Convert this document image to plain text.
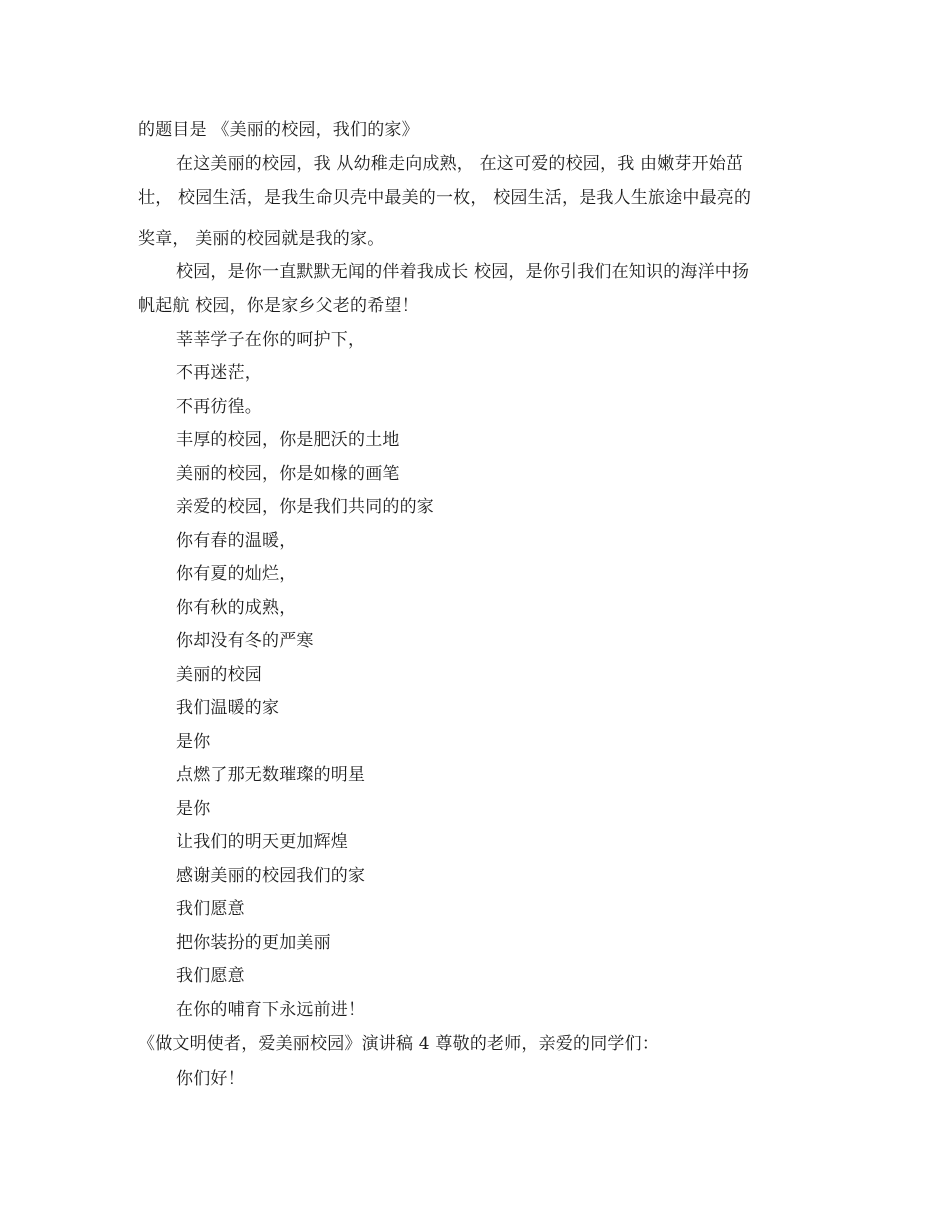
的题目是 《美丽的校园，我们的家》
在这美丽的校园，我 从幼稚走向成熟， 在这可爱的校园，我 由嫩芽开始茁
壮， 校园生活，是我生命贝壳中最美的一枚， 校园生活，是我人生旅途中最亮的
奖章， 美丽的校园就是我的家。
校园，是你一直默默无闻的伴着我成长 校园，是你引我们在知识的海洋中扬
帆起航 校园，你是家乡父老的希望！
莘莘学子在你的呵护下，
不再迷茫，
不再彷徨。
丰厚的校园，你是肥沃的土地
美丽的校园，你是如椽的画笔
亲爱的校园，你是我们共同的的家
你有春的温暖，
你有夏的灿烂，
你有秋的成熟，
你却没有冬的严寒
美丽的校园
我们温暖的家
是你
点燃了那无数璀璨的明星
是你
让我们的明天更加辉煌
感谢美丽的校园我们的家
我们愿意
把你装扮的更加美丽
我们愿意
在你的哺育下永远前进！
《做文明使者，爱美丽校园》演讲稿 4 尊敬的老师，亲爱的同学们：
你们好！
